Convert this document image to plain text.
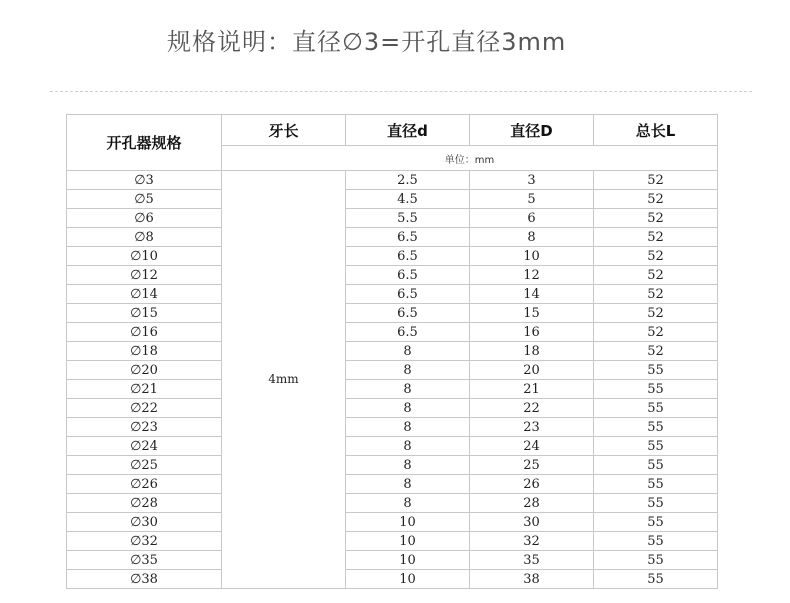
规格说明：直径∅3=开孔直径3mm
开孔器规格	牙长	直径d	直径D	总长L
	单位：mm			
∅3	4mm	2.5	3	52
∅5		4.5	5	52
∅6		5.5	6	52
∅8		6.5	8	52
∅10		6.5	10	52
∅12		6.5	12	52
∅14		6.5	14	52
∅15		6.5	15	52
∅16		6.5	16	52
∅18		8	18	52
∅20		8	20	55
∅21		8	21	55
∅22		8	22	55
∅23		8	23	55
∅24		8	24	55
∅25		8	25	55
∅26		8	26	55
∅28		8	28	55
∅30		10	30	55
∅32		10	32	55
∅35		10	35	55
∅38		10	38	55
